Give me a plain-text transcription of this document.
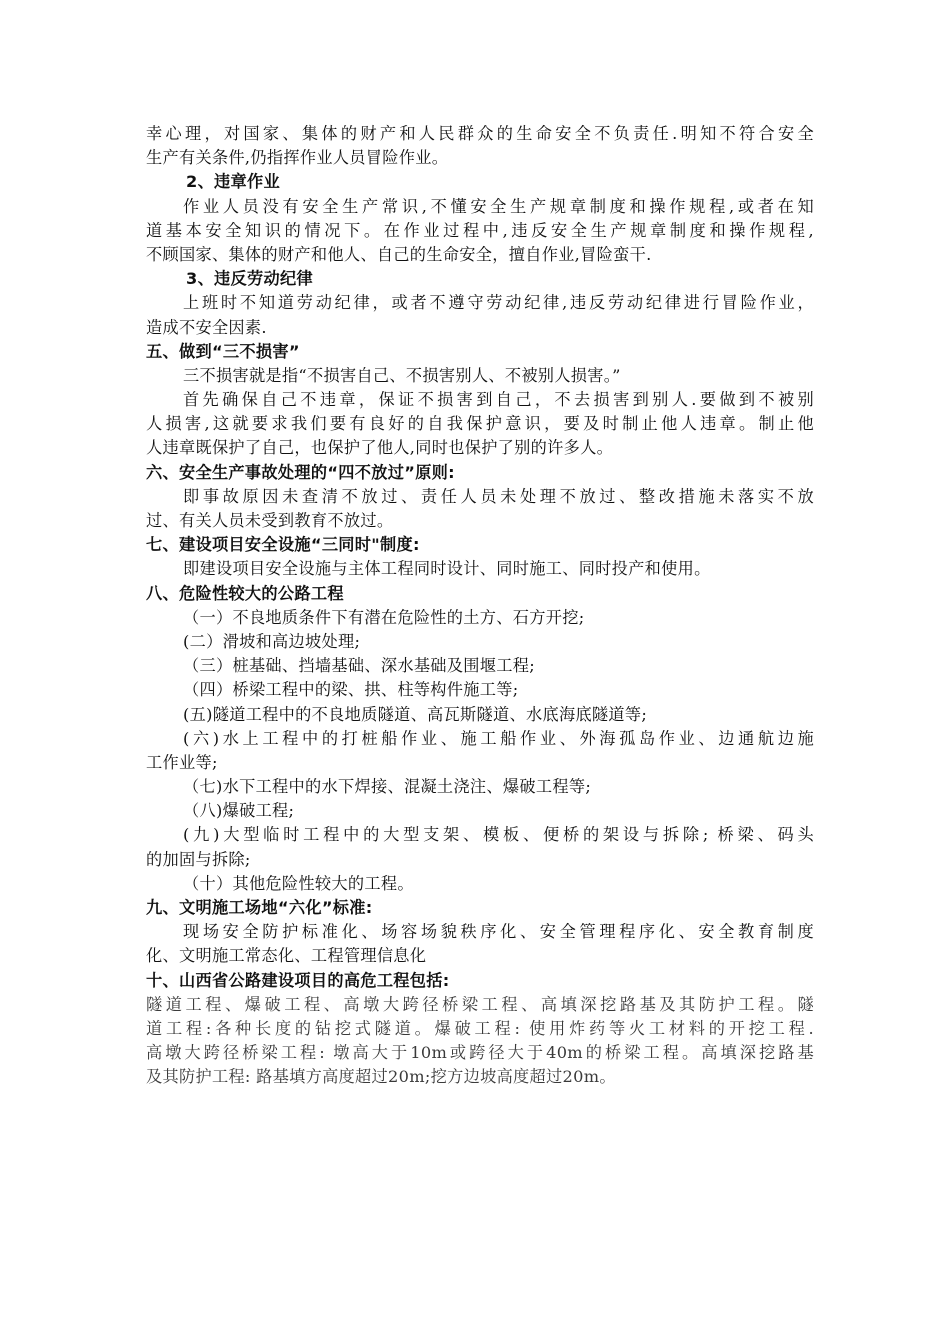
幸心理，对国家、集体的财产和人民群众的生命安全不负责任.明知不符合安全
生产有关条件,仍指挥作业人员冒险作业。
2、违章作业
作业人员没有安全生产常识,不懂安全生产规章制度和操作规程,或者在知
道基本安全知识的情况下。在作业过程中,违反安全生产规章制度和操作规程,
不顾国家、集体的财产和他人、自己的生命安全，擅自作业,冒险蛮干.
3、违反劳动纪律
上班时不知道劳动纪律，或者不遵守劳动纪律,违反劳动纪律进行冒险作业，
造成不安全因素.
五、做到“三不损害”
三不损害就是指“不损害自己、不损害别人、不被别人损害。”
首先确保自己不违章，保证不损害到自己，不去损害到别人.要做到不被别
人损害,这就要求我们要有良好的自我保护意识，要及时制止他人违章。制止他
人违章既保护了自己，也保护了他人,同时也保护了别的许多人。
六、安全生产事故处理的“四不放过”原则:
即事故原因未查清不放过、责任人员未处理不放过、整改措施未落实不放
过、有关人员未受到教育不放过。
七、建设项目安全设施“三同时"制度:
即建设项目安全设施与主体工程同时设计、同时施工、同时投产和使用。
八、危险性较大的公路工程
（一）不良地质条件下有潜在危险性的土方、石方开挖;
(二）滑坡和高边坡处理;
（三）桩基础、挡墙基础、深水基础及围堰工程;
（四）桥梁工程中的梁、拱、柱等构件施工等;
(五)隧道工程中的不良地质隧道、高瓦斯隧道、水底海底隧道等;
(六)水上工程中的打桩船作业、施工船作业、外海孤岛作业、边通航边施
工作业等;
（七)水下工程中的水下焊接、混凝土浇注、爆破工程等;
（八)爆破工程;
(九)大型临时工程中的大型支架、模板、便桥的架设与拆除; 桥梁、码头
的加固与拆除;
（十）其他危险性较大的工程。
九、文明施工场地“六化”标准:
现场安全防护标准化、场容场貌秩序化、安全管理程序化、安全教育制度
化、文明施工常态化、工程管理信息化
十、山西省公路建设项目的高危工程包括:
隧道工程、爆破工程、高墩大跨径桥梁工程、高填深挖路基及其防护工程。隧
道工程:各种长度的钻挖式隧道。爆破工程: 使用炸药等火工材料的开挖工程.
高墩大跨径桥梁工程: 墩高大于10m或跨径大于40m的桥梁工程。高填深挖路基
及其防护工程: 路基填方高度超过20m;挖方边坡高度超过20m。
